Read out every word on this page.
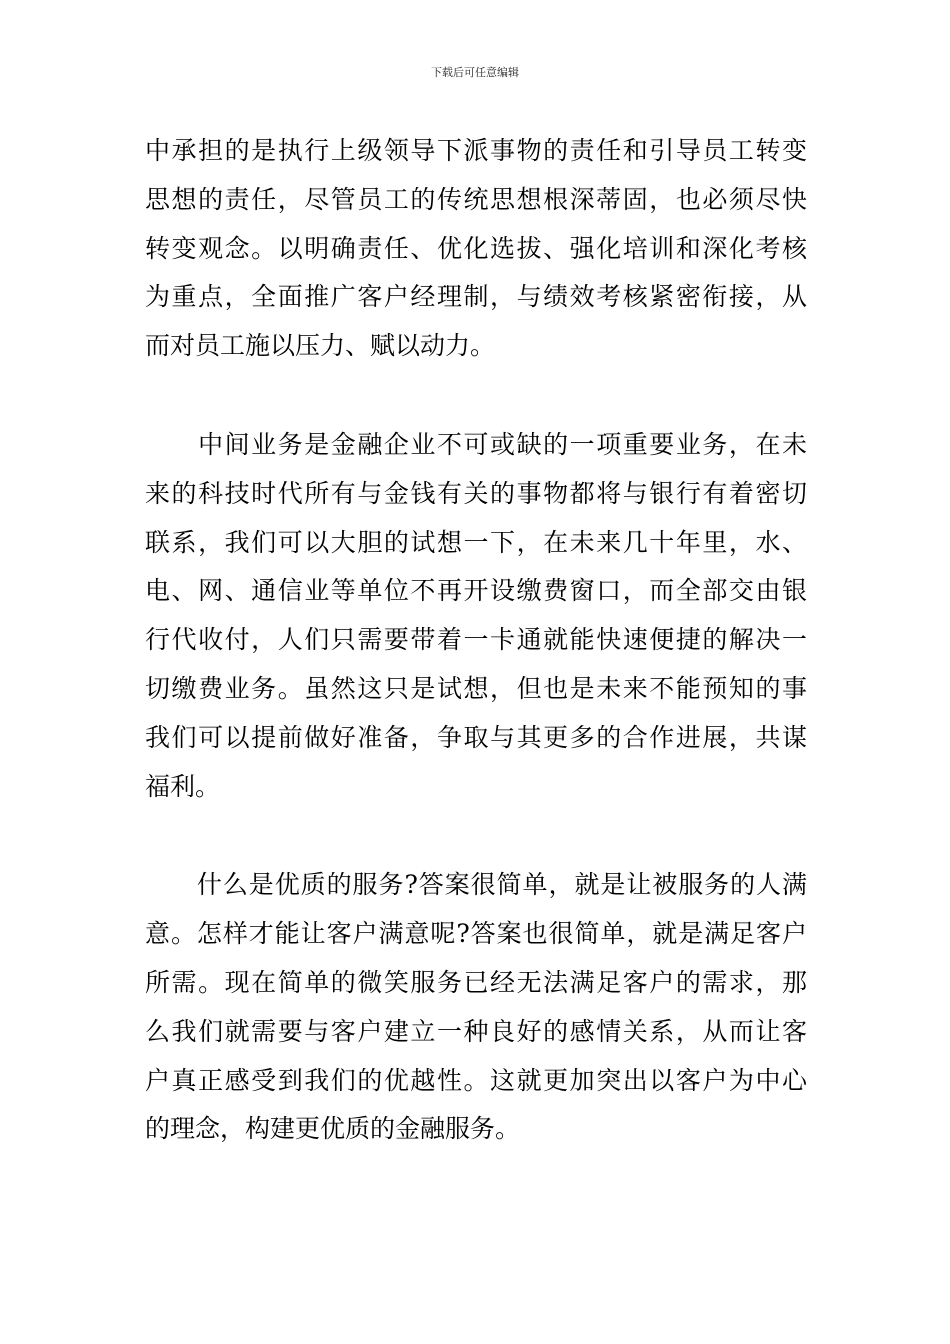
下载后可任意编辑
中承担的是执行上级领导下派事物的责任和引导员工转变
思想的责任，尽管员工的传统思想根深蒂固，也必须尽快
转变观念。以明确责任、优化选拔、强化培训和深化考核
为重点，全面推广客户经理制，与绩效考核紧密衔接，从
而对员工施以压力、赋以动力。
　　中间业务是金融企业不可或缺的一项重要业务，在未
来的科技时代所有与金钱有关的事物都将与银行有着密切
联系，我们可以大胆的试想一下，在未来几十年里，水、
电、网、通信业等单位不再开设缴费窗口，而全部交由银
行代收付，人们只需要带着一卡通就能快速便捷的解决一
切缴费业务。虽然这只是试想，但也是未来不能预知的事
我们可以提前做好准备，争取与其更多的合作进展，共谋
福利。
　　什么是优质的服务?答案很简单，就是让被服务的人满
意。怎样才能让客户满意呢?答案也很简单，就是满足客户
所需。现在简单的微笑服务已经无法满足客户的需求，那
么我们就需要与客户建立一种良好的感情关系，从而让客
户真正感受到我们的优越性。这就更加突出以客户为中心
的理念，构建更优质的金融服务。
